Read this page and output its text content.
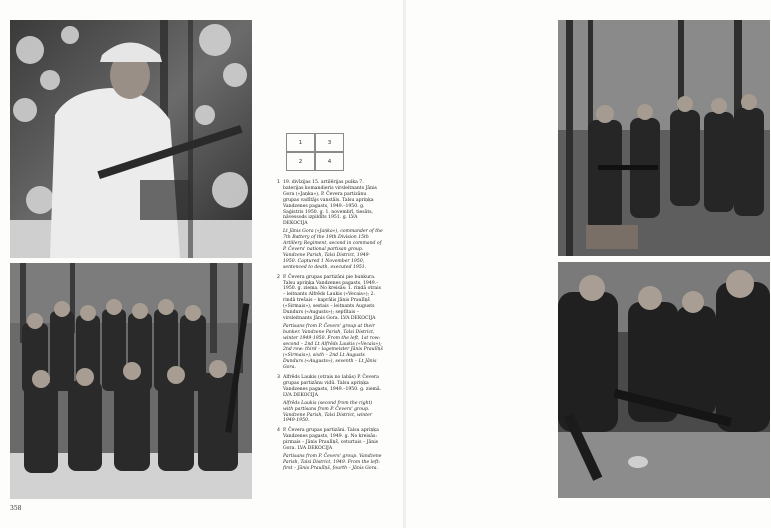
1	3
2	4
1 19. divīzijas 15. artilērijas pulka 7. baterijas komandieris virsleitnants Jānis Gora («Jaņka»), P. Čevera partizānu grupas vadītājs vanstāls. Talsu apriņķa Vandzenes pagasts, 1949.–1950. g. Saģistris 1950. g. 1. novembrī, tiesāts, nāvessods izpildīts 1951. g. LVA DEKOCIJA
Lt Jānis Gora («Jaņka»), commander of the 7th Battery of the 19th Division 15th Artillery Regiment, second in command of P. Čevers' national partisan group. Vandzene Parish, Talsi District, 1949-1950. Captured 1 November 1950, sentenced to death, executed 1951.
2 P. Čevera grupas partizāni pie bunkura. Talsu apriņķa Vandzenes pagasts, 1949.–1950. g. ziema. No kreisās: 1. rindā otrais – leitnants Alfrēds Laukis («Vecais»); 2. rindā trešais – kaprālis Jānis Praulīņš («Sirmais»), sestais – leitnants Augusts Dundurs («Augusts»); septītais – virsleitnants Jānis Gora. LVA DEKOCIJA
Partisans from P. Čevers' group at their bunker. Vandzene Parish, Talsi District, winter 1949-1950. From the left, 1st row: second – 2nd Lt Alfrēds Laukis («Vecais»); 2nd row: third – lagemeister Jānis Praulīņš («Sirmais»), sixth – 2nd Lt Augusts Dundurs («Augusts»), seventh – Lt Jānis Gora.
3 Alfrēds Laukis (otrais no labās) P. Čevera grupas partizānu vidū. Talsu apriņķa Vandzenes pagasts, 1949.–1950. g. ziemā. LVA DEKOCIJA
Alfrēds Laukis (second from the right) with partisans from P. Čevers' group. Vandzene Parish, Talsi District, winter 1949-1950.
4 P. Čevera grupas partizāni. Talsu apriņķa Vandzenes pagasts, 1949. g. No kreisās: pirmais – Jānis Praulīņš, ceturtais – Jānis Gora. LVA DEKOCIJA
Partisans from P. Čevers' group. Vandzene Parish, Talsi District, 1949. From the left: first – Jānis Praulīņš, fourth – Jānis Gora.
358
